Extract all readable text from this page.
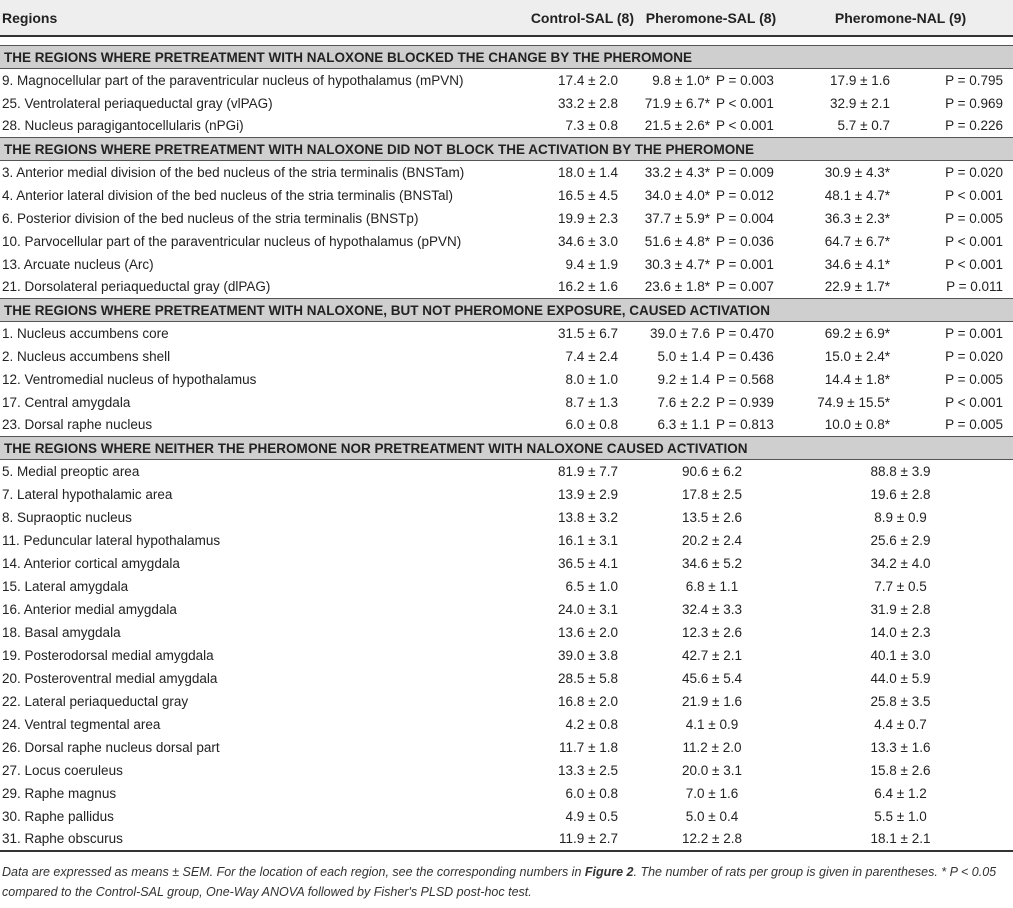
Regions	Control-SAL (8)	Pheromone-SAL (8)		Pheromone-NAL (9)	

THE REGIONS WHERE PRETREATMENT WITH NALOXONE BLOCKED THE CHANGE BY THE PHEROMONE					
9. Magnocellular part of the paraventricular nucleus of hypothalamus (mPVN)	17.4 ± 2.0	9.8 ± 1.0*	P = 0.003	17.9 ± 1.6	P = 0.795
25. Ventrolateral periaqueductal gray (vlPAG)	33.2 ± 2.8	71.9 ± 6.7*	P < 0.001	32.9 ± 2.1	P = 0.969
28. Nucleus paragigantocellularis (nPGi)	7.3 ± 0.8	21.5 ± 2.6*	P < 0.001	5.7 ± 0.7	P = 0.226
THE REGIONS WHERE PRETREATMENT WITH NALOXONE DID NOT BLOCK THE ACTIVATION BY THE PHEROMONE					
3. Anterior medial division of the bed nucleus of the stria terminalis (BNSTam)	18.0 ± 1.4	33.2 ± 4.3*	P = 0.009	30.9 ± 4.3*	P = 0.020
4. Anterior lateral division of the bed nucleus of the stria terminalis (BNSTal)	16.5 ± 4.5	34.0 ± 4.0*	P = 0.012	48.1 ± 4.7*	P < 0.001
6. Posterior division of the bed nucleus of the stria terminalis (BNSTp)	19.9 ± 2.3	37.7 ± 5.9*	P = 0.004	36.3 ± 2.3*	P = 0.005
10. Parvocellular part of the paraventricular nucleus of hypothalamus (pPVN)	34.6 ± 3.0	51.6 ± 4.8*	P = 0.036	64.7 ± 6.7*	P < 0.001
13. Arcuate nucleus (Arc)	9.4 ± 1.9	30.3 ± 4.7*	P = 0.001	34.6 ± 4.1*	P < 0.001
21. Dorsolateral periaqueductal gray (dlPAG)	16.2 ± 1.6	23.6 ± 1.8*	P = 0.007	22.9 ± 1.7*	P = 0.011
THE REGIONS WHERE PRETREATMENT WITH NALOXONE, BUT NOT PHEROMONE EXPOSURE, CAUSED ACTIVATION					
1. Nucleus accumbens core	31.5 ± 6.7	39.0 ± 7.6	P = 0.470	69.2 ± 6.9*	P = 0.001
2. Nucleus accumbens shell	7.4 ± 2.4	5.0 ± 1.4	P = 0.436	15.0 ± 2.4*	P = 0.020
12. Ventromedial nucleus of hypothalamus	8.0 ± 1.0	9.2 ± 1.4	P = 0.568	14.4 ± 1.8*	P = 0.005
17. Central amygdala	8.7 ± 1.3	7.6 ± 2.2	P = 0.939	74.9 ± 15.5*	P < 0.001
23. Dorsal raphe nucleus	6.0 ± 0.8	6.3 ± 1.1	P = 0.813	10.0 ± 0.8*	P = 0.005
THE REGIONS WHERE NEITHER THE PHEROMONE NOR PRETREATMENT WITH NALOXONE CAUSED ACTIVATION					
5. Medial preoptic area	81.9 ± 7.7	90.6 ± 6.2		88.8 ± 3.9	
7. Lateral hypothalamic area	13.9 ± 2.9	17.8 ± 2.5		19.6 ± 2.8	
8. Supraoptic nucleus	13.8 ± 3.2	13.5 ± 2.6		8.9 ± 0.9	
11. Peduncular lateral hypothalamus	16.1 ± 3.1	20.2 ± 2.4		25.6 ± 2.9	
14. Anterior cortical amygdala	36.5 ± 4.1	34.6 ± 5.2		34.2 ± 4.0	
15. Lateral amygdala	6.5 ± 1.0	6.8 ± 1.1		7.7 ± 0.5	
16. Anterior medial amygdala	24.0 ± 3.1	32.4 ± 3.3		31.9 ± 2.8	
18. Basal amygdala	13.6 ± 2.0	12.3 ± 2.6		14.0 ± 2.3	
19. Posterodorsal medial amygdala	39.0 ± 3.8	42.7 ± 2.1		40.1 ± 3.0	
20. Posteroventral medial amygdala	28.5 ± 5.8	45.6 ± 5.4		44.0 ± 5.9	
22. Lateral periaqueductal gray	16.8 ± 2.0	21.9 ± 1.6		25.8 ± 3.5	
24. Ventral tegmental area	4.2 ± 0.8	4.1 ± 0.9		4.4 ± 0.7	
26. Dorsal raphe nucleus dorsal part	11.7 ± 1.8	11.2 ± 2.0		13.3 ± 1.6	
27. Locus coeruleus	13.3 ± 2.5	20.0 ± 3.1		15.8 ± 2.6	
29. Raphe magnus	6.0 ± 0.8	7.0 ± 1.6		6.4 ± 1.2	
30. Raphe pallidus	4.9 ± 0.5	5.0 ± 0.4		5.5 ± 1.0	
31. Raphe obscurus	11.9 ± 2.7	12.2 ± 2.8		18.1 ± 2.1	
Data are expressed as means ± SEM. For the location of each region, see the corresponding numbers in Figure 2. The number of rats per group is given in parentheses. * P < 0.05 compared to the Control-SAL group, One-Way ANOVA followed by Fisher's PLSD post-hoc test.
